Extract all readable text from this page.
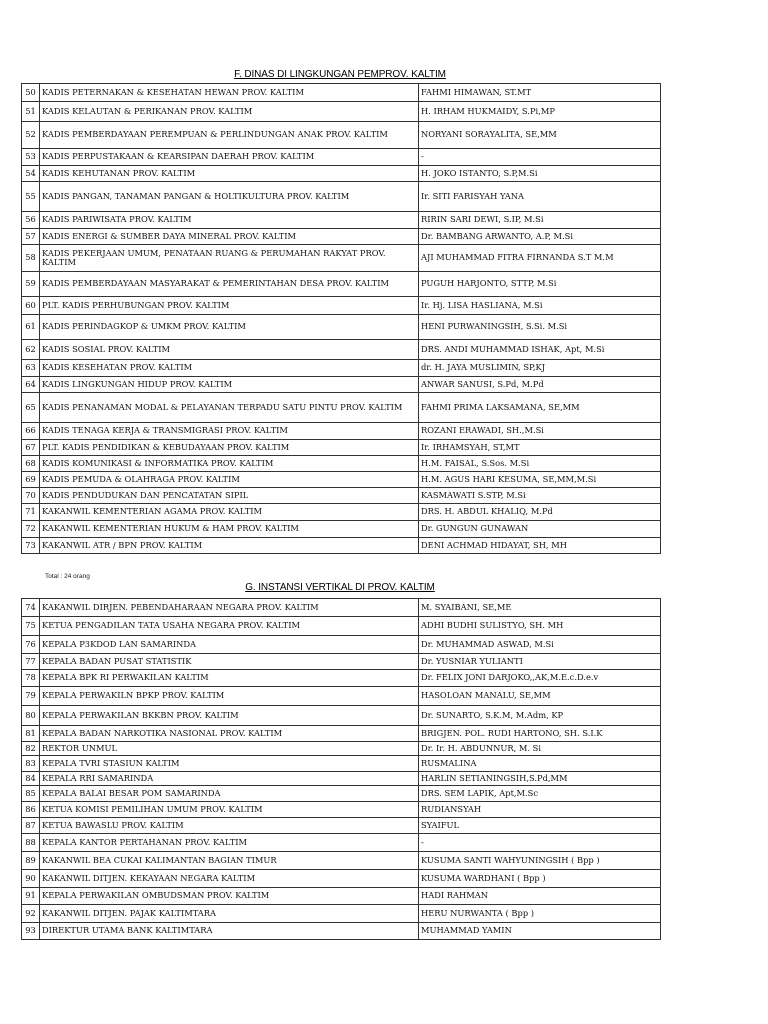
F. DINAS DI LINGKUNGAN PEMPROV. KALTIM
50	KADIS PETERNAKAN & KESEHATAN HEWAN PROV. KALTIM	FAHMI HIMAWAN, ST.MT
51	KADIS KELAUTAN & PERIKANAN PROV. KALTIM	H. IRHAM HUKMAIDY, S.Pi,MP
52	KADIS PEMBERDAYAAN PEREMPUAN & PERLINDUNGAN ANAK PROV. KALTIM	NORYANI SORAYALITA, SE,MM
53	KADIS PERPUSTAKAAN & KEARSIPAN DAERAH PROV. KALTIM	-
54	KADIS KEHUTANAN PROV. KALTIM	H. JOKO ISTANTO, S.P,M.Si
55	KADIS PANGAN, TANAMAN PANGAN & HOLTIKULTURA PROV. KALTIM	Ir. SITI FARISYAH YANA
56	KADIS PARIWISATA PROV. KALTIM	RIRIN SARI DEWI, S.IP, M.Si
57	KADIS ENERGI & SUMBER DAYA MINERAL PROV. KALTIM	Dr. BAMBANG ARWANTO, A.P, M.Si
58	KADIS PEKERJAAN UMUM, PENATAAN RUANG & PERUMAHAN RAKYAT PROV. KALTIM	AJI MUHAMMAD FITRA FIRNANDA S.T M.M
59	KADIS PEMBERDAYAAN MASYARAKAT & PEMERINTAHAN DESA PROV. KALTIM	PUGUH HARJONTO, STTP, M.Si
60	PLT. KADIS PERHUBUNGAN PROV. KALTIM	Ir. Hj. LISA HASLIANA, M.Si
61	KADIS PERINDAGKOP & UMKM PROV. KALTIM	HENI PURWANINGSIH, S.Si. M.Si
62	KADIS SOSIAL PROV. KALTIM	DRS. ANDI MUHAMMAD ISHAK, Apt, M.Si
63	KADIS KESEHATAN PROV. KALTIM	dr. H. JAYA MUSLIMIN, SP,KJ
64	KADIS LINGKUNGAN HIDUP PROV. KALTIM	ANWAR SANUSI, S.Pd, M.Pd
65	KADIS PENANAMAN MODAL & PELAYANAN TERPADU SATU PINTU PROV. KALTIM	FAHMI PRIMA LAKSAMANA, SE,MM
66	KADIS TENAGA KERJA & TRANSMIGRASI PROV. KALTIM	ROZANI ERAWADI, SH.,M.Si
67	PLT. KADIS PENDIDIKAN & KEBUDAYAAN PROV. KALTIM	Ir. IRHAMSYAH, ST,MT
68	KADIS KOMUNIKASI & INFORMATIKA PROV. KALTIM	H.M. FAISAL, S.Sos. M.Si
69	KADIS PEMUDA & OLAHRAGA PROV. KALTIM	H.M. AGUS HARI KESUMA, SE,MM,M.Si
70	KADIS PENDUDUKAN DAN PENCATATAN SIPIL	KASMAWATI S.STP, M.Si
71	KAKANWIL KEMENTERIAN AGAMA PROV. KALTIM	DRS. H. ABDUL KHALIQ, M.Pd
72	KAKANWIL KEMENTERIAN HUKUM & HAM PROV. KALTIM	Dr. GUNGUN GUNAWAN
73	KAKANWIL ATR / BPN PROV. KALTIM	DENI ACHMAD HIDAYAT, SH, MH
Total : 24 orang
G. INSTANSI VERTIKAL DI PROV. KALTIM
74	KAKANWIL DIRJEN. PEBENDAHARAAN NEGARA PROV. KALTIM	M. SYAIBANI, SE,ME
75	KETUA PENGADILAN TATA USAHA NEGARA PROV. KALTIM	ADHI BUDHI SULISTYO, SH. MH
76	KEPALA P3KDOD LAN SAMARINDA	Dr. MUHAMMAD ASWAD, M.Si
77	KEPALA BADAN PUSAT STATISTIK	Dr. YUSNIAR YULIANTI
78	KEPALA BPK RI PERWAKILAN KALTIM	Dr. FELIX JONI DARJOKO,,AK,M.E.c.D.e.v
79	KEPALA PERWAKILN BPKP PROV. KALTIM	HASOLOAN MANALU, SE,MM
80	KEPALA PERWAKILAN BKKBN PROV. KALTIM	Dr. SUNARTO, S.K.M, M.Adm, KP
81	KEPALA BADAN NARKOTIKA NASIONAL PROV. KALTIM	BRIGJEN. POL. RUDI HARTONO, SH. S.I.K
82	REKTOR UNMUL	Dr. Ir. H. ABDUNNUR, M. Si
83	KEPALA TVRI STASIUN KALTIM	RUSMALINA
84	KEPALA RRI SAMARINDA	HARLIN SETIANINGSIH,S.Pd,MM
85	KEPALA BALAI BESAR POM SAMARINDA	DRS. SEM LAPIK, Apt,M.Sc
86	KETUA KOMISI PEMILIHAN UMUM PROV. KALTIM	RUDIANSYAH
87	KETUA BAWASLU PROV. KALTIM	SYAIFUL
88	KEPALA KANTOR PERTAHANAN PROV. KALTIM	-
89	KAKANWIL BEA CUKAI KALIMANTAN BAGIAN TIMUR	KUSUMA SANTI WAHYUNINGSIH ( Bpp )
90	KAKANWIL DITJEN. KEKAYAAN NEGARA KALTIM	KUSUMA WARDHANI ( Bpp )
91	KEPALA PERWAKILAN OMBUDSMAN PROV. KALTIM	HADI RAHMAN
92	KAKANWIL DITJEN. PAJAK KALTIMTARA	HERU NURWANTA ( Bpp )
93	DIREKTUR UTAMA BANK KALTIMTARA	MUHAMMAD YAMIN
